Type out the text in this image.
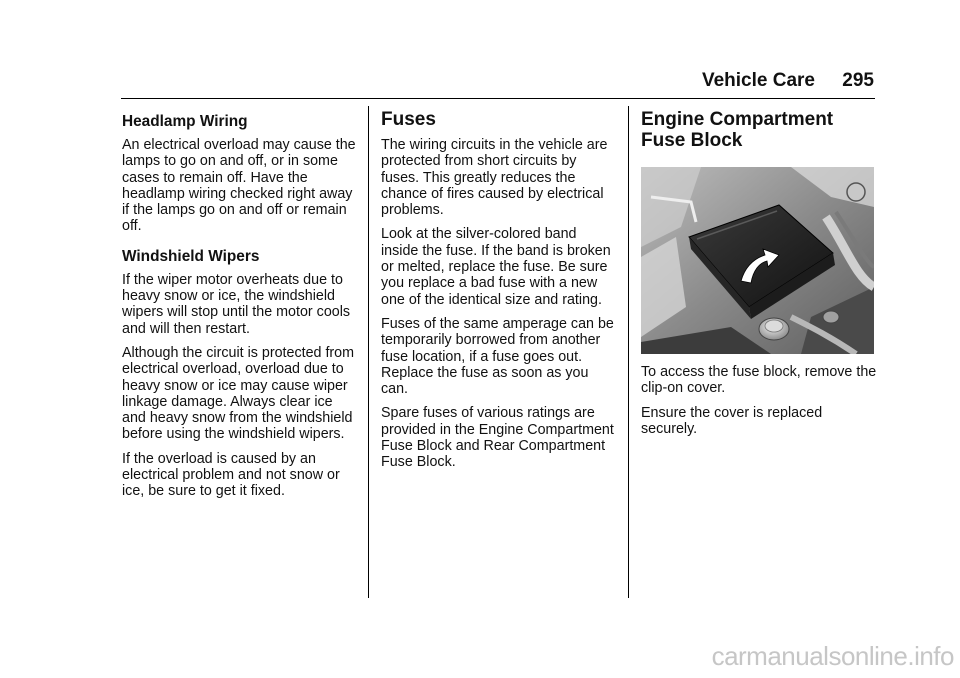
Vehicle Care 295
Headlamp Wiring

An electrical overload may cause the lamps to go on and off, or in some cases to remain off. Have the headlamp wiring checked right away if the lamps go on and off or remain off.

Windshield Wipers

If the wiper motor overheats due to heavy snow or ice, the windshield wipers will stop until the motor cools and will then restart.

Although the circuit is protected from electrical overload, overload due to heavy snow or ice may cause wiper linkage damage. Always clear ice and heavy snow from the windshield before using the windshield wipers.

If the overload is caused by an electrical problem and not snow or ice, be sure to get it fixed.

Fuses

The wiring circuits in the vehicle are protected from short circuits by fuses. This greatly reduces the chance of fires caused by electrical problems.

Look at the silver-colored band inside the fuse. If the band is broken or melted, replace the fuse. Be sure you replace a bad fuse with a new one of the identical size and rating.

Fuses of the same amperage can be temporarily borrowed from another fuse location, if a fuse goes out. Replace the fuse as soon as you can.

Spare fuses of various ratings are provided in the Engine Compartment Fuse Block and Rear Compartment Fuse Block.

Engine Compartment
Fuse Block

To access the fuse block, remove the clip-on cover.

Ensure the cover is replaced securely.

carmanualsonline.info
